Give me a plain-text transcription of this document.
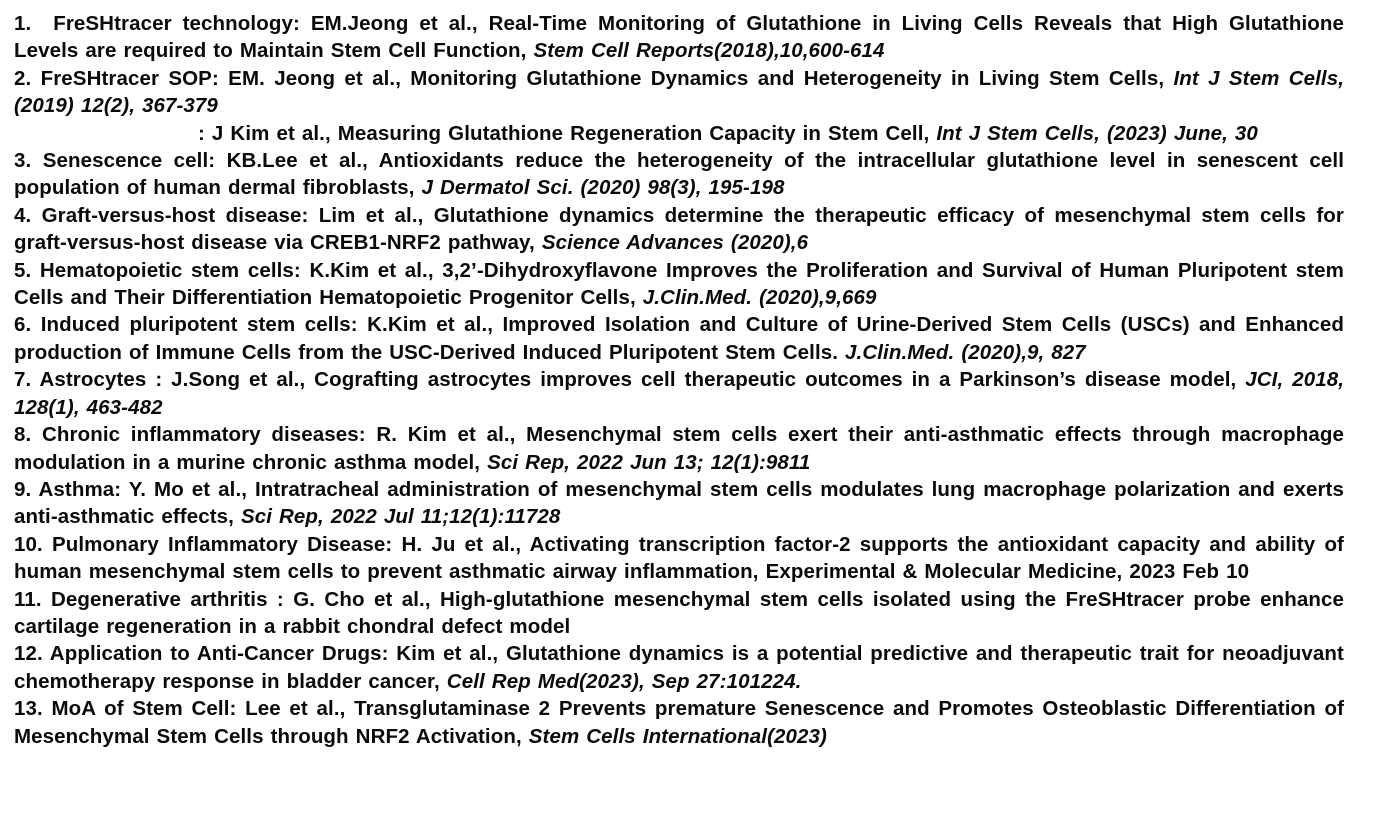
1.  FreSHtracer technology: EM.Jeong et al., Real-Time Monitoring of Glutathione in Living Cells Reveals that High Glutathione Levels are required to Maintain Stem Cell Function, Stem Cell Reports(2018),10,600-614

2. FreSHtracer SOP: EM. Jeong et al., Monitoring Glutathione Dynamics and Heterogeneity in Living Stem Cells, Int J Stem Cells, (2019) 12(2), 367-379

: J Kim et al., Measuring Glutathione Regeneration Capacity in Stem Cell, Int J Stem Cells, (2023) June, 30

3. Senescence cell: KB.Lee et al., Antioxidants reduce the heterogeneity of the intracellular glutathione level in senescent cell population of human dermal fibroblasts, J Dermatol Sci. (2020) 98(3), 195-198

4. Graft-versus-host disease: Lim et al., Glutathione dynamics determine the therapeutic efficacy of mesenchymal stem cells for graft-versus-host disease via CREB1-NRF2 pathway, Science Advances (2020),6

5. Hematopoietic stem cells: K.Kim et al., 3,2’-Dihydroxyflavone Improves the Proliferation and Survival of Human Pluripotent stem Cells and Their Differentiation Hematopoietic Progenitor Cells, J.Clin.Med. (2020),9,669

6. Induced pluripotent stem cells: K.Kim et al., Improved Isolation and Culture of Urine-Derived Stem Cells (USCs) and Enhanced production of Immune Cells from the USC-Derived Induced Pluripotent Stem Cells. J.Clin.Med. (2020),9, 827

7. Astrocytes : J.Song et al., Cografting astrocytes improves cell therapeutic outcomes in a Parkinson’s disease model, JCI, 2018, 128(1), 463-482

8. Chronic inflammatory diseases: R. Kim et al., Mesenchymal stem cells exert their anti-asthmatic effects through macrophage modulation in a murine chronic asthma model, Sci Rep, 2022 Jun 13; 12(1):9811

9. Asthma: Y. Mo et al., Intratracheal administration of mesenchymal stem cells modulates lung macrophage polarization and exerts anti-asthmatic effects, Sci Rep, 2022 Jul 11;12(1):11728

10. Pulmonary Inflammatory Disease: H. Ju et al., Activating transcription factor-2 supports the antioxidant capacity and ability of human mesenchymal stem cells to prevent asthmatic airway inflammation, Experimental & Molecular Medicine, 2023 Feb 10

11. Degenerative arthritis : G. Cho et al., High-glutathione mesenchymal stem cells isolated using the FreSHtracer probe enhance cartilage regeneration in a rabbit chondral defect model

12. Application to Anti-Cancer Drugs: Kim et al., Glutathione dynamics is a potential predictive and therapeutic trait for neoadjuvant chemotherapy response in bladder cancer, Cell Rep Med(2023), Sep 27:101224.

13. MoA of Stem Cell: Lee et al., Transglutaminase 2 Prevents premature Senescence and Promotes Osteoblastic Differentiation of Mesenchymal Stem Cells through NRF2 Activation, Stem Cells International(2023)
